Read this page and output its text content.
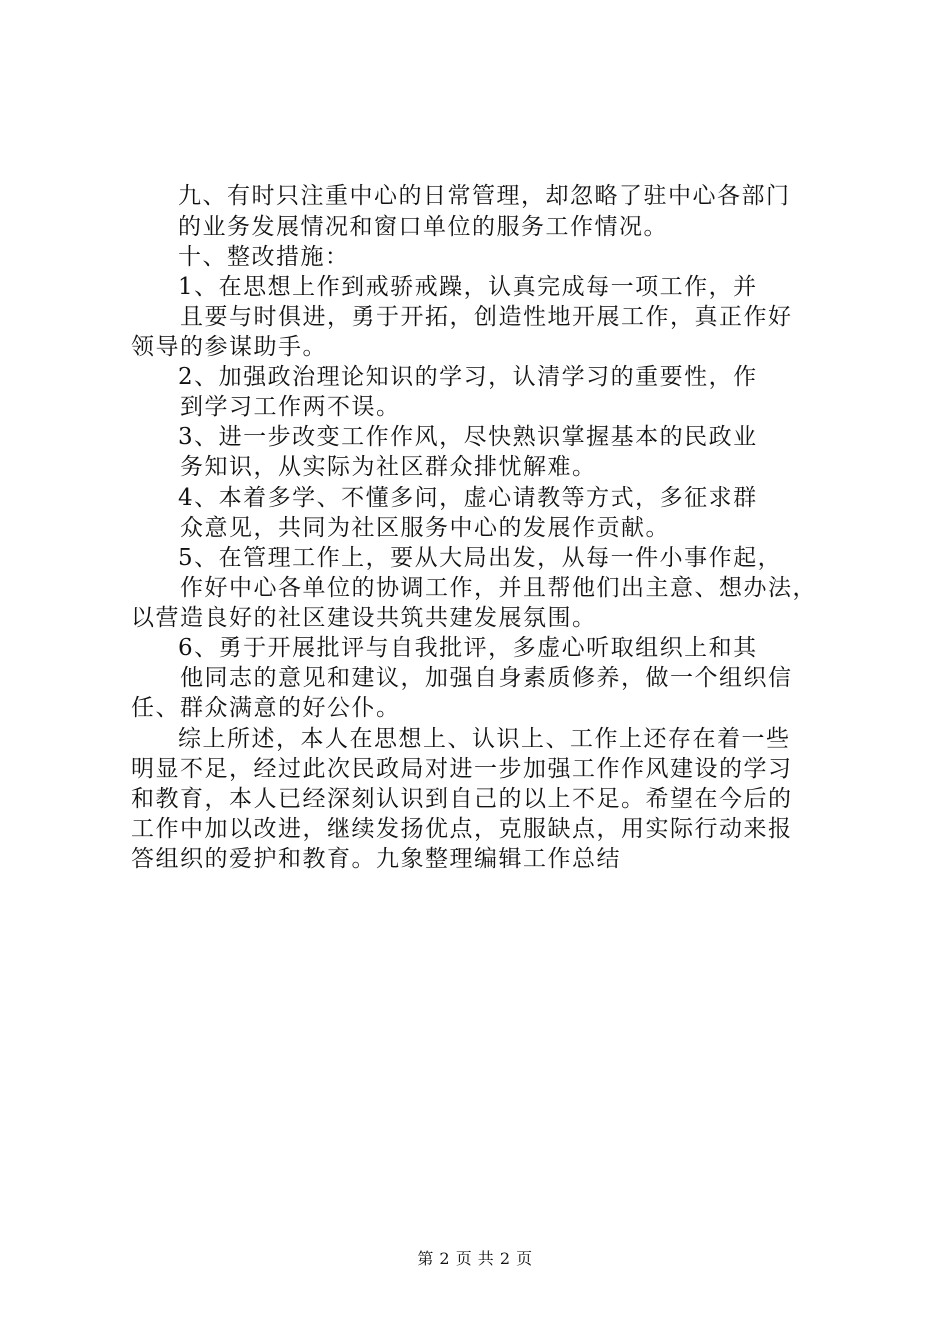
九、有时只注重中心的日常管理，却忽略了驻中心各部门
的业务发展情况和窗口单位的服务工作情况。
十、整改措施：
1、在思想上作到戒骄戒躁，认真完成每一项工作，并
且要与时俱进，勇于开拓，创造性地开展工作，真正作好
领导的参谋助手。
2、加强政治理论知识的学习，认清学习的重要性，作
到学习工作两不误。
3、进一步改变工作作风，尽快熟识掌握基本的民政业
务知识，从实际为社区群众排忧解难。
4、本着多学、不懂多问，虚心请教等方式，多征求群
众意见，共同为社区服务中心的发展作贡献。
5、在管理工作上，要从大局出发，从每一件小事作起，
作好中心各单位的协调工作，并且帮他们出主意、想办法，
以营造良好的社区建设共筑共建发展氛围。
6、勇于开展批评与自我批评，多虚心听取组织上和其
他同志的意见和建议，加强自身素质修养，做一个组织信
任、群众满意的好公仆。
综上所述，本人在思想上、认识上、工作上还存在着一些
明显不足，经过此次民政局对进一步加强工作作风建设的学习
和教育，本人已经深刻认识到自己的以上不足。希望在今后的
工作中加以改进，继续发扬优点，克服缺点，用实际行动来报
答组织的爱护和教育。九象整理编辑工作总结
第 2 页 共 2 页
